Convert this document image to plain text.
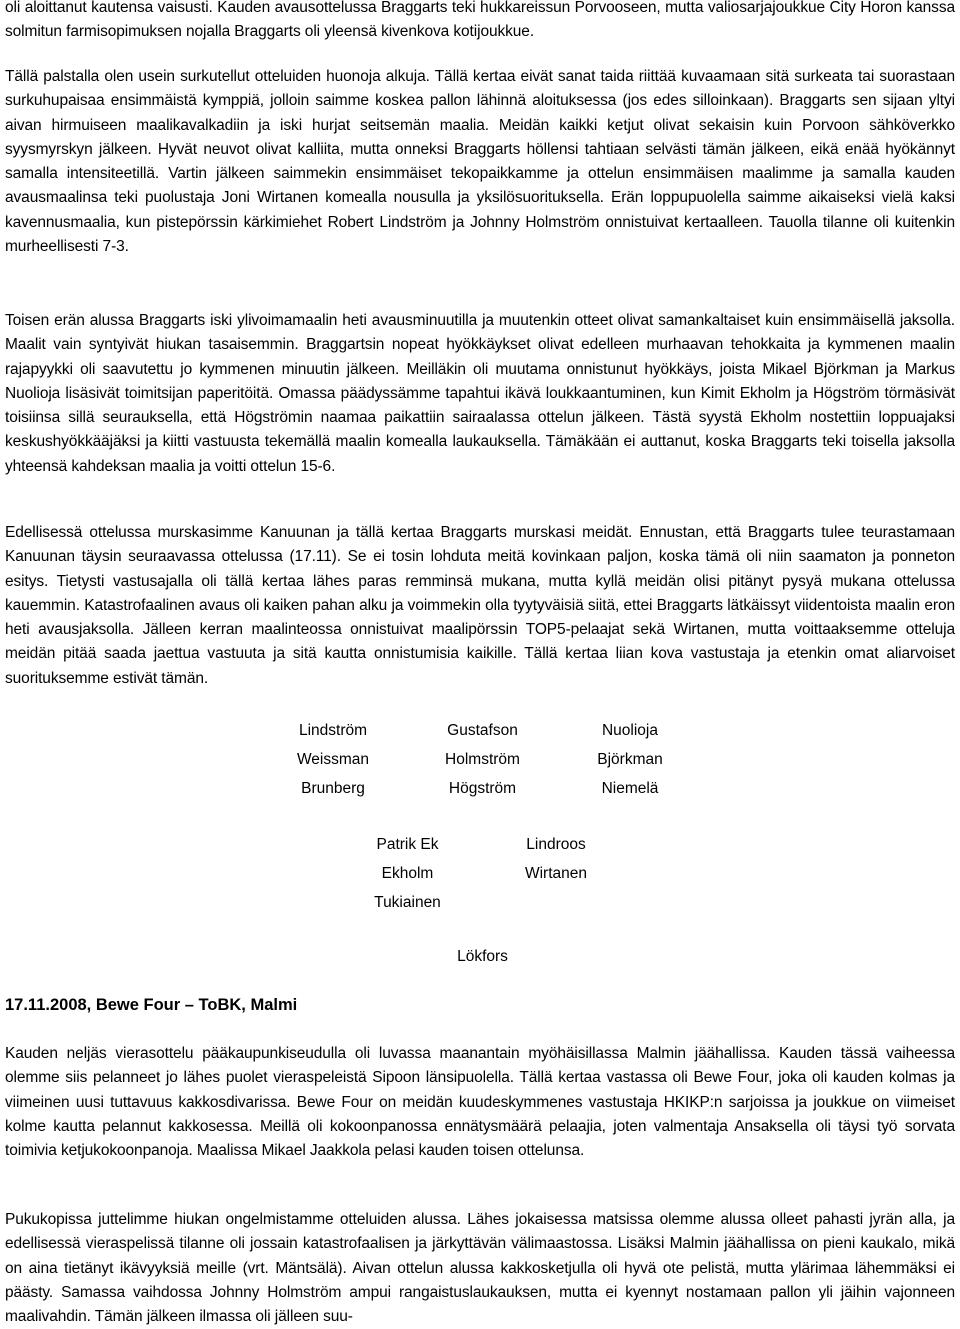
oli aloittanut kautensa vaisusti. Kauden avausottelussa Braggarts teki hukkareissun Porvooseen, mutta valiosarjajoukkue City Horon kanssa solmitun farmisopimuksen nojalla Braggarts oli yleensä kivenkova kotijoukkue.

Tällä palstalla olen usein surkutellut otteluiden huonoja alkuja. Tällä kertaa eivät sanat taida riittää kuvaamaan sitä surkeata tai suorastaan surkuhupaisaa ensimmäistä kymppiä, jolloin saimme koskea pallon lähinnä aloituksessa (jos edes silloinkaan). Braggarts sen sijaan yltyi aivan hirmuiseen maalikavalkadiin ja iski hurjat seitsemän maalia. Meidän kaikki ketjut olivat sekaisin kuin Porvoon sähköverkko syysmyrskyn jälkeen. Hyvät neuvot olivat kalliita, mutta onneksi Braggarts höllensi tahtiaan selvästi tämän jälkeen, eikä enää hyökännyt samalla intensiteetillä. Vartin jälkeen saimmekin ensimmäiset tekopaikkamme ja ottelun ensimmäisen maalimme ja samalla kauden avausmaalinsa teki puolustaja Joni Wirtanen komealla nousulla ja yksilösuorituksella. Erän loppupuolella saimme aikaiseksi vielä kaksi kavennusmaalia, kun pistepörssin kärkimiehet Robert Lindström ja Johnny Holmström onnistuivat kertaalleen. Tauolla tilanne oli kuitenkin murheellisesti 7-3.

Toisen erän alussa Braggarts iski ylivoimamaalin heti avausminuutilla ja muutenkin otteet olivat samankaltaiset kuin ensimmäisellä jaksolla. Maalit vain syntyivät hiukan tasaisemmin. Braggartsin nopeat hyökkäykset olivat edelleen murhaavan tehokkaita ja kymmenen maalin rajapyykki oli saavutettu jo kymmenen minuutin jälkeen. Meilläkin oli muutama onnistunut hyökkäys, joista Mikael Björkman ja Markus Nuolioja lisäsivät toimitsijan paperitöitä. Omassa päädyssämme tapahtui ikävä loukkaantuminen, kun Kimit Ekholm ja Högström törmäsivät toisiinsa sillä seurauksella, että Högströmin naamaa paikattiin sairaalassa ottelun jälkeen. Tästä syystä Ekholm nostettiin loppuajaksi keskushyökkääjäksi ja kiitti vastuusta tekemällä maalin komealla laukauksella. Tämäkään ei auttanut, koska Braggarts teki toisella jaksolla yhteensä kahdeksan maalia ja voitti ottelun 15-6.

Edellisessä ottelussa murskasimme Kanuunan ja tällä kertaa Braggarts murskasi meidät. Ennustan, että Braggarts tulee teurastamaan Kanuunan täysin seuraavassa ottelussa (17.11). Se ei tosin lohduta meitä kovinkaan paljon, koska tämä oli niin saamaton ja ponneton esitys. Tietysti vastusajalla oli tällä kertaa lähes paras remminsä mukana, mutta kyllä meidän olisi pitänyt pysyä mukana ottelussa kauemmin. Katastrofaalinen avaus oli kaiken pahan alku ja voimmekin olla tyytyväisiä siitä, ettei Braggarts lätkäissyt viidentoista maalin eron heti avausjaksolla. Jälleen kerran maalinteossa onnistuivat maalipörssin TOP5-pelaajat sekä Wirtanen, mutta voittaaksemme otteluja meidän pitää saada jaettua vastuuta ja sitä kautta onnistumisia kaikille. Tällä kertaa liian kova vastustaja ja etenkin omat aliarvoiset suorituksemme estivät tämän.

Lindström
Weissman
Brunberg
Gustafson
Holmström
Högström
Nuolioja
Björkman
Niemelä
Patrik Ek
Ekholm
Tukiainen
Lindroos
Wirtanen
Lökfors
17.11.2008, Bewe Four – ToBK, Malmi

Kauden neljäs vierasottelu pääkaupunkiseudulla oli luvassa maanantain myöhäisillassa Malmin jäähallissa. Kauden tässä vaiheessa olemme siis pelanneet jo lähes puolet vieraspeleistä Sipoon länsipuolella. Tällä kertaa vastassa oli Bewe Four, joka oli kauden kolmas ja viimeinen uusi tuttavuus kakkosdivarissa. Bewe Four on meidän kuudeskymmenes vastustaja HKIKP:n sarjoissa ja joukkue on viimeiset kolme kautta pelannut kakkosessa. Meillä oli kokoonpanossa ennätysmäärä pelaajia, joten valmentaja Ansaksella oli täysi työ sorvata toimivia ketjukokoonpanoja. Maalissa Mikael Jaakkola pelasi kauden toisen ottelunsa.

Pukukopissa juttelimme hiukan ongelmistamme otteluiden alussa. Lähes jokaisessa matsissa olemme alussa olleet pahasti jyrän alla, ja edellisessä vieraspelissä tilanne oli jossain katastrofaalisen ja järkyttävän välimaastossa. Lisäksi Malmin jäähallissa on pieni kaukalo, mikä on aina tietänyt ikävyyksiä meille (vrt. Mäntsälä). Aivan ottelun alussa kakkosketjulla oli hyvä ote pelistä, mutta ylärimaa lähemmäksi ei päästy. Samassa vaihdossa Johnny Holmström ampui rangaistuslaukauksen, mutta ei kyennyt nostamaan pallon yli jäihin vajonneen maalivahdin. Tämän jälkeen ilmassa oli jälleen suu-
